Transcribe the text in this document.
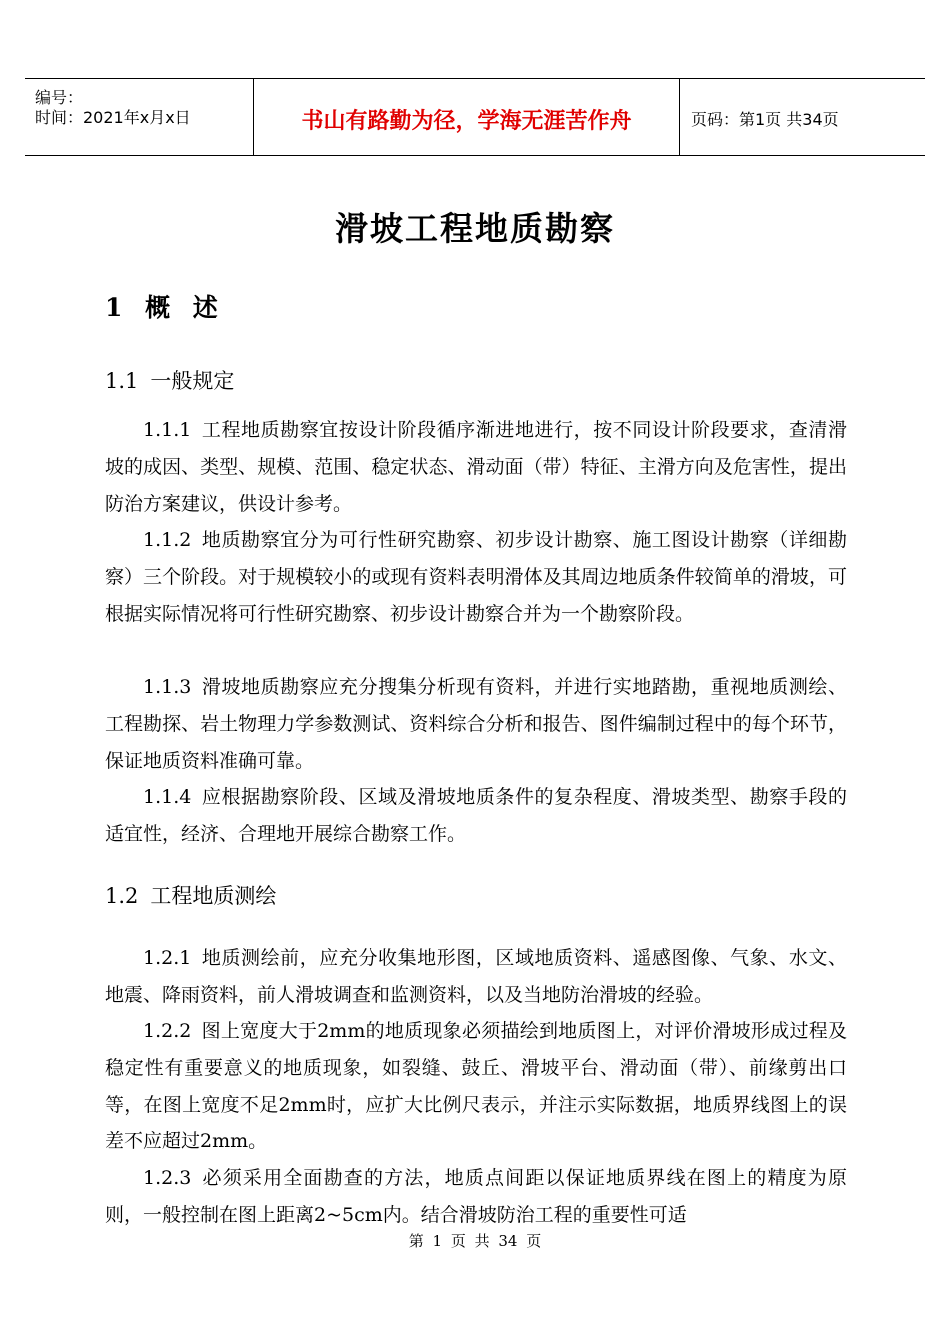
编号：
时间：2021年x月x日	书山有路勤为径，学海无涯苦作舟	页码：第1页 共34页
滑坡工程地质勘察
1 概 述
1.1 一般规定
1.1.1 工程地质勘察宜按设计阶段循序渐进地进行，按不同设计阶段要求，查清滑坡的成因、类型、规模、范围、稳定状态、滑动面（带）特征、主滑方向及危害性，提出防治方案建议，供设计参考。
1.1.2 地质勘察宜分为可行性研究勘察、初步设计勘察、施工图设计勘察（详细勘察）三个阶段。对于规模较小的或现有资料表明滑体及其周边地质条件较简单的滑坡，可根据实际情况将可行性研究勘察、初步设计勘察合并为一个勘察阶段。
1.1.3 滑坡地质勘察应充分搜集分析现有资料，并进行实地踏勘，重视地质测绘、工程勘探、岩土物理力学参数测试、资料综合分析和报告、图件编制过程中的每个环节，保证地质资料准确可靠。
1.1.4 应根据勘察阶段、区域及滑坡地质条件的复杂程度、滑坡类型、勘察手段的适宜性，经济、合理地开展综合勘察工作。
1.2 工程地质测绘
1.2.1 地质测绘前，应充分收集地形图，区域地质资料、遥感图像、气象、水文、地震、降雨资料，前人滑坡调查和监测资料，以及当地防治滑坡的经验。
1.2.2 图上宽度大于2mm的地质现象必须描绘到地质图上，对评价滑坡形成过程及稳定性有重要意义的地质现象，如裂缝、鼓丘、滑坡平台、滑动面（带）、前缘剪出口等，在图上宽度不足2mm时，应扩大比例尺表示，并注示实际数据，地质界线图上的误差不应超过2mm。
1.2.3 必须采用全面勘查的方法，地质点间距以保证地质界线在图上的精度为原则，一般控制在图上距离2~5cm内。结合滑坡防治工程的重要性可适
第 1 页 共 34 页
